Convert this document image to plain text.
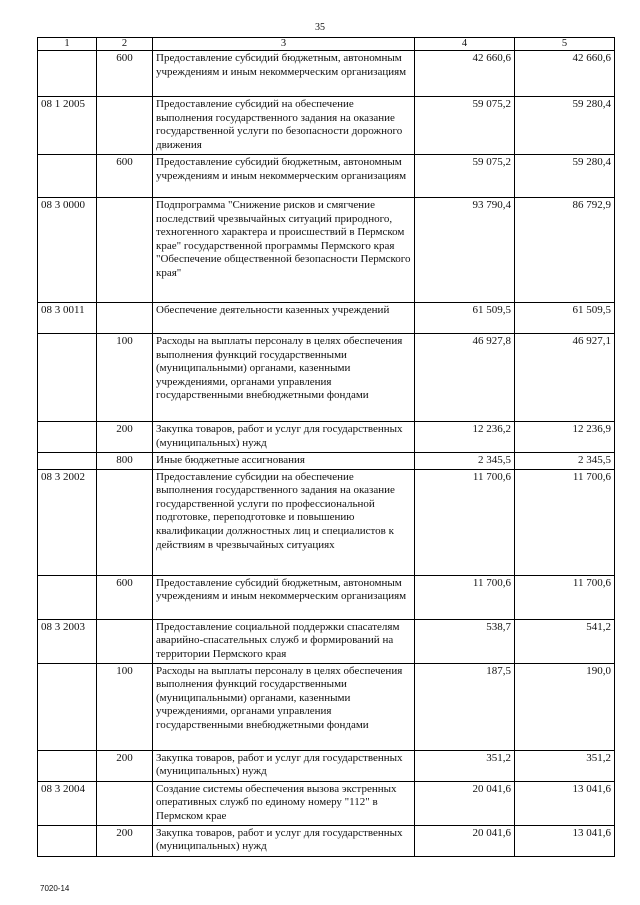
35
1	2	3	4	5
	600	Предоставление субсидий бюджетным, автономным учреждениям и иным некоммерческим организациям	42 660,6	42 660,6
08 1 2005		Предоставление субсидий на обеспечение выполнения государственного задания на оказание государственной услуги по безопасности дорожного движения	59 075,2	59 280,4
	600	Предоставление субсидий бюджетным, автономным учреждениям и иным некоммерческим организациям	59 075,2	59 280,4
08 3 0000		Подпрограмма "Снижение рисков и смягчение последствий чрезвычайных ситуаций природного, техногенного характера и происшествий в Пермском крае" государственной программы Пермского края "Обеспечение общественной безопасности Пермского края"	93 790,4	86 792,9
08 3 0011		Обеспечение деятельности казенных учреждений	61 509,5	61 509,5
	100	Расходы на выплаты персоналу в целях обеспечения выполнения функций государственными (муниципальными) органами, казенными учреждениями, органами управления государственными внебюджетными фондами	46 927,8	46 927,1
	200	Закупка товаров, работ и услуг для государственных (муниципальных) нужд	12 236,2	12 236,9
	800	Иные бюджетные ассигнования	2 345,5	2 345,5
08 3 2002		Предоставление субсидии на обеспечение выполнения государственного задания на оказание государственной услуги по профессиональной подготовке, переподготовке и повышению квалификации должностных лиц и специалистов к действиям в чрезвычайных ситуациях	11 700,6	11 700,6
	600	Предоставление субсидий бюджетным, автономным учреждениям и иным некоммерческим организациям	11 700,6	11 700,6
08 3 2003		Предоставление социальной поддержки спасателям аварийно-спасательных служб и формирований на территории Пермского края	538,7	541,2
	100	Расходы на выплаты персоналу в целях обеспечения выполнения функций государственными (муниципальными) органами, казенными учреждениями, органами управления государственными внебюджетными фондами	187,5	190,0
	200	Закупка товаров, работ и услуг для государственных (муниципальных) нужд	351,2	351,2
08 3 2004		Создание системы обеспечения вызова экстренных оперативных служб по единому номеру "112" в Пермском крае	20 041,6	13 041,6
	200	Закупка товаров, работ и услуг для государственных (муниципальных) нужд	20 041,6	13 041,6
7020-14
